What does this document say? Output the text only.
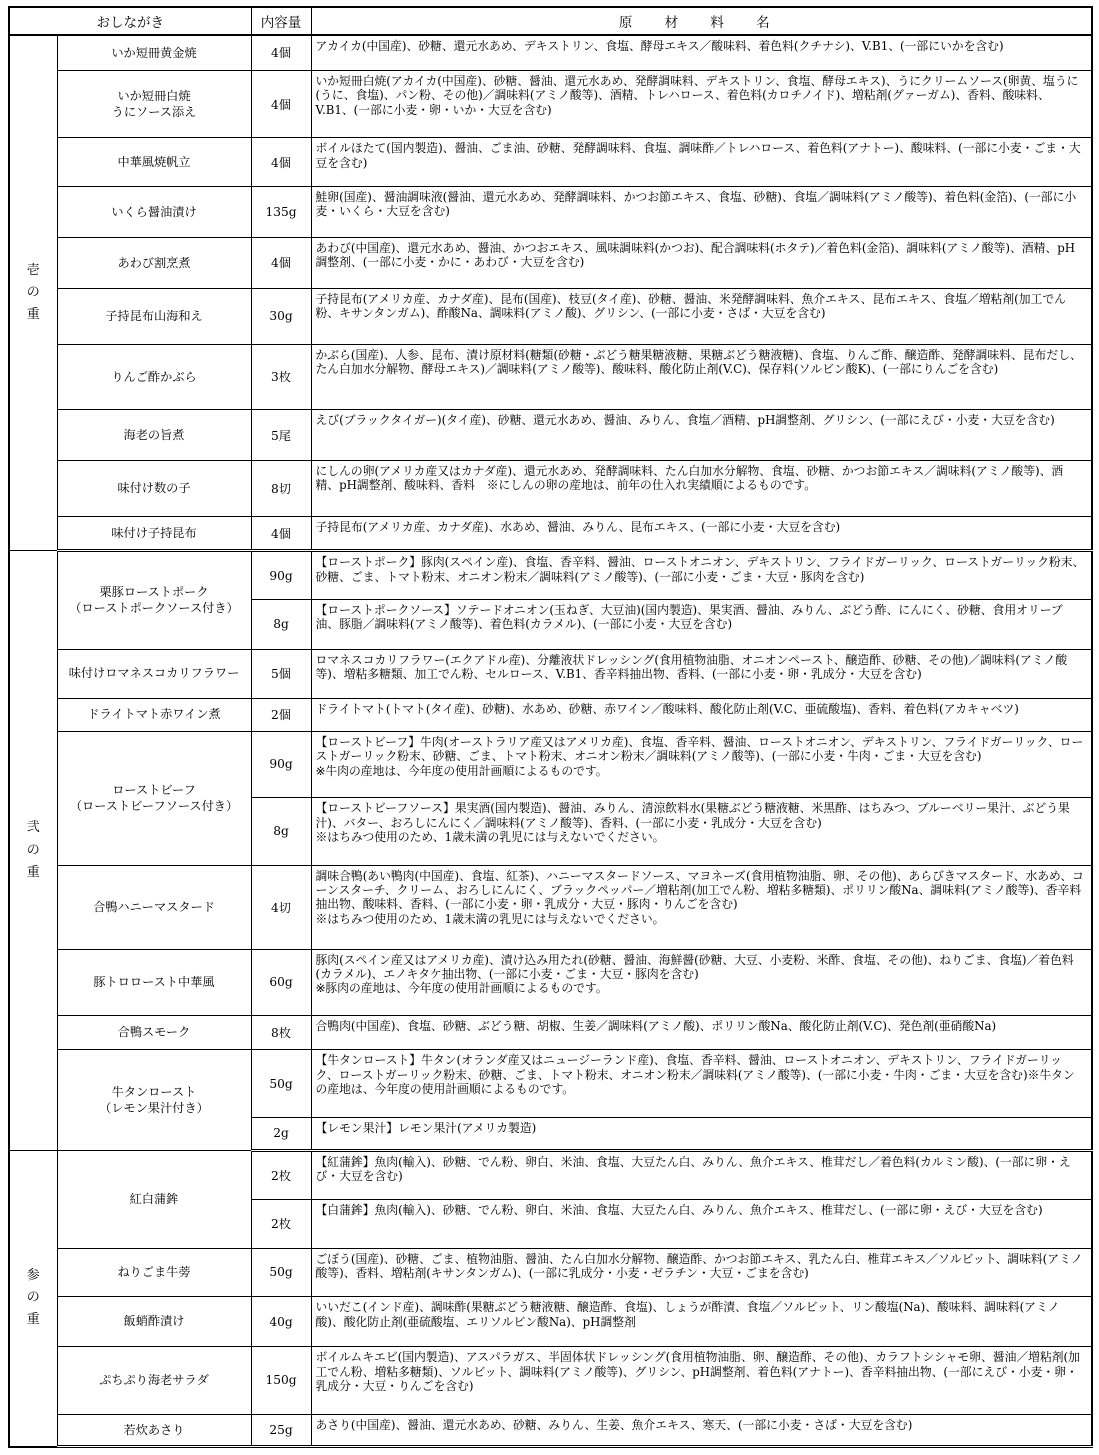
おしながき		内容量	原 材 料 名

壱
の
重	いか短冊黄金焼	4個	アカイカ(中国産)、砂糖、還元水あめ、デキストリン、食塩、酵母エキス／酸味料、着色料(クチナシ)、V.B1、(一部にいかを含む)
	いか短冊白焼
うにソース添え	4個	いか短冊白焼(アカイカ(中国産)、砂糖、醤油、還元水あめ、発酵調味料、デキストリン、食塩、酵母エキス)、うにクリームソース(卵黄、塩うに(うに、食塩)、パン粉、その他)／調味料(アミノ酸等)、酒精、トレハロース、着色料(カロチノイド)、増粘剤(グァーガム)、香料、酸味料、V.B1、(一部に小麦・卵・いか・大豆を含む)
	中華風焼帆立	4個	ボイルほたて(国内製造)、醤油、ごま油、砂糖、発酵調味料、食塩、調味酢／トレハロース、着色料(アナトー)、酸味料、(一部に小麦・ごま・大豆を含む)
	いくら醤油漬け	135g	鮭卵(国産)、醤油調味液(醤油、還元水あめ、発酵調味料、かつお節エキス、食塩、砂糖)、食塩／調味料(アミノ酸等)、着色料(金箔)、(一部に小麦・いくら・大豆を含む)
	あわび割烹煮	4個	あわび(中国産)、還元水あめ、醤油、かつおエキス、風味調味料(かつお)、配合調味料(ホタテ)／着色料(金箔)、調味料(アミノ酸等)、酒精、pH調整剤、(一部に小麦・かに・あわび・大豆を含む)
	子持昆布山海和え	30g	子持昆布(アメリカ産、カナダ産)、昆布(国産)、枝豆(タイ産)、砂糖、醤油、米発酵調味料、魚介エキス、昆布エキス、食塩／増粘剤(加工でん粉、キサンタンガム)、酢酸Na、調味料(アミノ酸)、グリシン、(一部に小麦・さば・大豆を含む)
	りんご酢かぶら	3枚	かぶら(国産)、人参、昆布、漬け原材料(糖類(砂糖・ぶどう糖果糖液糖、果糖ぶどう糖液糖)、食塩、りんご酢、醸造酢、発酵調味料、昆布だし、たん白加水分解物、酵母エキス)／調味料(アミノ酸等)、酸味料、酸化防止剤(V.C)、保存料(ソルビン酸K)、(一部にりんごを含む)
	海老の旨煮	5尾	えび(ブラックタイガー)(タイ産)、砂糖、還元水あめ、醤油、みりん、食塩／酒精、pH調整剤、グリシン、(一部にえび・小麦・大豆を含む)
	味付け数の子	8切	にしんの卵(アメリカ産又はカナダ産)、還元水あめ、発酵調味料、たん白加水分解物、食塩、砂糖、かつお節エキス／調味料(アミノ酸等)、酒精、pH調整剤、酸味料、香料　※にしんの卵の産地は、前年の仕入れ実績順によるものです。
	味付け子持昆布	4個	子持昆布(アメリカ産、カナダ産)、水あめ、醤油、みりん、昆布エキス、(一部に小麦・大豆を含む)

弐
の
重	栗豚ローストポーク
（ローストポークソース付き）	90g	【ローストポーク】豚肉(スペイン産)、食塩、香辛料、醤油、ローストオニオン、デキストリン、フライドガーリック、ローストガーリック粉末、砂糖、ごま、トマト粉末、オニオン粉末／調味料(アミノ酸等)、(一部に小麦・ごま・大豆・豚肉を含む)
		8g	【ローストポークソース】ソテードオニオン(玉ねぎ、大豆油)(国内製造)、果実酒、醤油、みりん、ぶどう酢、にんにく、砂糖、食用オリーブ油、豚脂／調味料(アミノ酸等)、着色料(カラメル)、(一部に小麦・大豆を含む)
	味付けロマネスコカリフラワー	5個	ロマネスコカリフラワー(エクアドル産)、分離液状ドレッシング(食用植物油脂、オニオンペースト、醸造酢、砂糖、その他)／調味料(アミノ酸等)、増粘多糖類、加工でん粉、セルロース、V.B1、香辛料抽出物、香料、(一部に小麦・卵・乳成分・大豆を含む)
	ドライトマト赤ワイン煮	2個	ドライトマト(トマト(タイ産)、砂糖)、水あめ、砂糖、赤ワイン／酸味料、酸化防止剤(V.C、亜硫酸塩)、香料、着色料(アカキャベツ)
	ローストビーフ
（ローストビーフソース付き）	90g	【ローストビーフ】牛肉(オーストラリア産又はアメリカ産)、食塩、香辛料、醤油、ローストオニオン、デキストリン、フライドガーリック、ローストガーリック粉末、砂糖、ごま、トマト粉末、オニオン粉末／調味料(アミノ酸等)、(一部に小麦・牛肉・ごま・大豆を含む)
※牛肉の産地は、今年度の使用計画順によるものです。
		8g	【ローストビーフソース】果実酒(国内製造)、醤油、みりん、清涼飲料水(果糖ぶどう糖液糖、米黒酢、はちみつ、ブルーベリー果汁、ぶどう果汁)、バター、おろしにんにく／調味料(アミノ酸等)、香料、(一部に小麦・乳成分・大豆を含む)
※はちみつ使用のため、1歳未満の乳児には与えないでください。
	合鴨ハニーマスタード	4切	調味合鴨(あい鴨肉(中国産)、食塩、紅茶)、ハニーマスタードソース、マヨネーズ(食用植物油脂、卵、その他)、あらびきマスタード、水あめ、コーンスターチ、クリーム、おろしにんにく、ブラックペッパー／増粘剤(加工でん粉、増粘多糖類)、ポリリン酸Na、調味料(アミノ酸等)、香辛料抽出物、酸味料、香料、(一部に小麦・卵・乳成分・大豆・豚肉・りんごを含む)
※はちみつ使用のため、1歳未満の乳児には与えないでください。
	豚トロロースト中華風	60g	豚肉(スペイン産又はアメリカ産)、漬け込み用たれ(砂糖、醤油、海鮮醤(砂糖、大豆、小麦粉、米酢、食塩、その他)、ねりごま、食塩)／着色料(カラメル)、エノキタケ抽出物、(一部に小麦・ごま・大豆・豚肉を含む)
※豚肉の産地は、今年度の使用計画順によるものです。
	合鴨スモーク	8枚	合鴨肉(中国産)、食塩、砂糖、ぶどう糖、胡椒、生姜／調味料(アミノ酸)、ポリリン酸Na、酸化防止剤(V.C)、発色剤(亜硝酸Na)
	牛タンロースト
（レモン果汁付き）	50g	【牛タンロースト】牛タン(オランダ産又はニュージーランド産)、食塩、香辛料、醤油、ローストオニオン、デキストリン、フライドガーリック、ローストガーリック粉末、砂糖、ごま、トマト粉末、オニオン粉末／調味料(アミノ酸等)、(一部に小麦・牛肉・ごま・大豆を含む)※牛タンの産地は、今年度の使用計画順によるものです。
		2g	【レモン果汁】レモン果汁(アメリカ製造)

参
の
重	紅白蒲鉾	2枚	【紅蒲鉾】魚肉(輸入)、砂糖、でん粉、卵白、米油、食塩、大豆たん白、みりん、魚介エキス、椎茸だし／着色料(カルミン酸)、(一部に卵・えび・大豆を含む)
		2枚	【白蒲鉾】魚肉(輸入)、砂糖、でん粉、卵白、米油、食塩、大豆たん白、みりん、魚介エキス、椎茸だし、(一部に卵・えび・大豆を含む)
	ねりごま牛蒡	50g	ごぼう(国産)、砂糖、ごま、植物油脂、醤油、たん白加水分解物、醸造酢、かつお節エキス、乳たん白、椎茸エキス／ソルビット、調味料(アミノ酸等)、香料、増粘剤(キサンタンガム)、(一部に乳成分・小麦・ゼラチン・大豆・ごまを含む)
	飯蛸酢漬け	40g	いいだこ(インド産)、調味酢(果糖ぶどう糖液糖、醸造酢、食塩)、しょうが酢漬、食塩／ソルビット、リン酸塩(Na)、酸味料、調味料(アミノ酸)、酸化防止剤(亜硫酸塩、エリソルビン酸Na)、pH調整剤
	ぷちぷり海老サラダ	150g	ボイルムキエビ(国内製造)、アスパラガス、半固体状ドレッシング(食用植物油脂、卵、醸造酢、その他)、カラフトシシャモ卵、醤油／増粘剤(加工でん粉、増粘多糖類)、ソルビット、調味料(アミノ酸等)、グリシン、pH調整剤、着色料(アナトー)、香辛料抽出物、(一部にえび・小麦・卵・乳成分・大豆・りんごを含む)
	若炊あさり	25g	あさり(中国産)、醤油、還元水あめ、砂糖、みりん、生姜、魚介エキス、寒天、(一部に小麦・さば・大豆を含む)
